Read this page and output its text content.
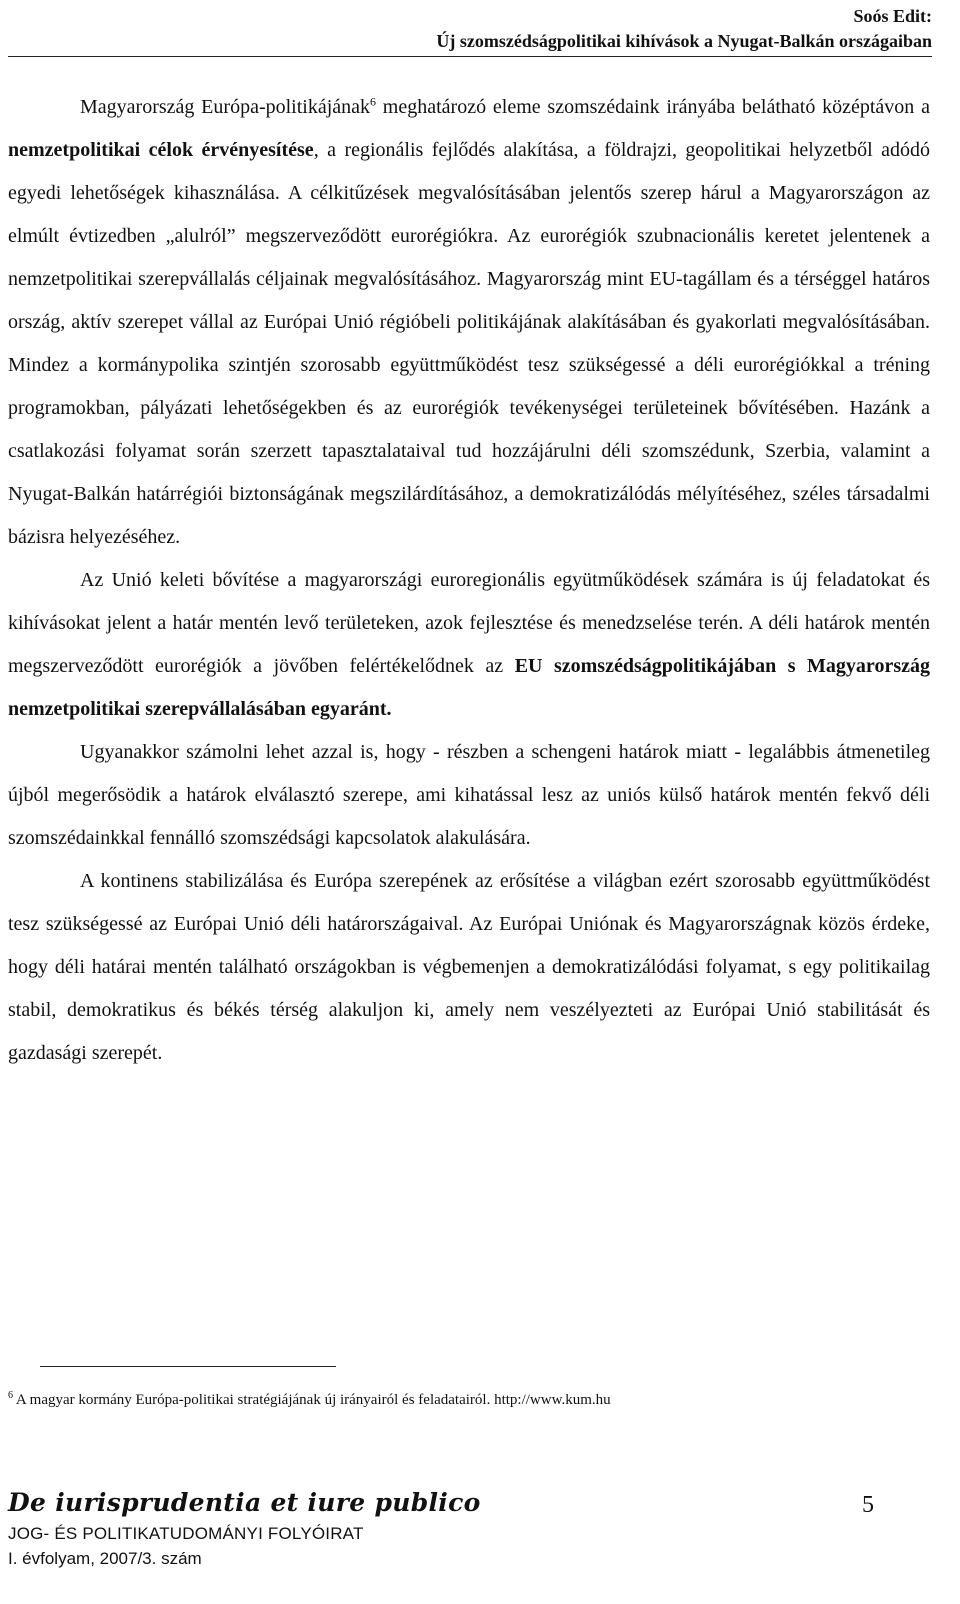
Soós Edit:
Új szomszédságpolitikai kihívások a Nyugat-Balkán országaiban

Magyarország Európa-politikájának$^6$ meghatározó eleme szomszédaink irányába belátható középtávon a nemzetpolitikai célok érvényesítése, a regionális fejlődés alakítása, a földrajzi, geopolitikai helyzetből adódó egyedi lehetőségek kihasználása. A célkitűzések megvalósításában jelentős szerep hárul a Magyarországon az elmúlt évtizedben „alulról” megszerveződött eurorégiókra. Az eurorégiók szubnacionális keretet jelentenek a nemzetpolitikai szerepvállalás céljainak megvalósításához. Magyarország mint EU-tagállam és a térséggel határos ország, aktív szerepet vállal az Európai Unió régióbeli politikájának alakításában és gyakorlati megvalósításában. Mindez a kormánypolika szintjén szorosabb együttműködést tesz szükségessé a déli eurorégiókkal a tréning programokban, pályázati lehetőségekben és az eurorégiók tevékenységei területeinek bővítésében. Hazánk a csatlakozási folyamat során szerzett tapasztalataival tud hozzájárulni déli szomszédunk, Szerbia, valamint a Nyugat-Balkán határrégiói biztonságának megszilárdításához, a demokratizálódás mélyítéséhez, széles társadalmi bázisra helyezéséhez.

Az Unió keleti bővítése a magyarországi euroregionális együtműködések számára is új feladatokat és kihívásokat jelent a határ mentén levő területeken, azok fejlesztése és menedzselése terén. A déli határok mentén megszerveződött eurorégiók a jövőben felértékelődnek az EU szomszédságpolitikájában s Magyarország nemzetpolitikai szerepvállalásában egyaránt.

Ugyanakkor számolni lehet azzal is, hogy - részben a schengeni határok miatt - legalábbis átmenetileg újból megerősödik a határok elválasztó szerepe, ami kihatással lesz az uniós külső határok mentén fekvő déli szomszédainkkal fennálló szomszédsági kapcsolatok alakulására.

A kontinens stabilizálása és Európa szerepének az erősítése a világban ezért szorosabb együttműködést tesz szükségessé az Európai Unió déli határországaival. Az Európai Uniónak és Magyarországnak közös érdeke, hogy déli határai mentén található országokban is végbemenjen a demokratizálódási folyamat, s egy politikailag stabil, demokratikus és békés térség alakuljon ki, amely nem veszélyezteti az Európai Unió stabilitását és gazdasági szerepét.

$^6$ A magyar kormány Európa-politikai stratégiájának új irányairól és feladatairól. http://www.kum.hu
De iurisprudentia et iure publico
JOG- ÉS POLITIKATUDOMÁNYI FOLYÓIRAT
I. évfolyam, 2007/3. szám
5
